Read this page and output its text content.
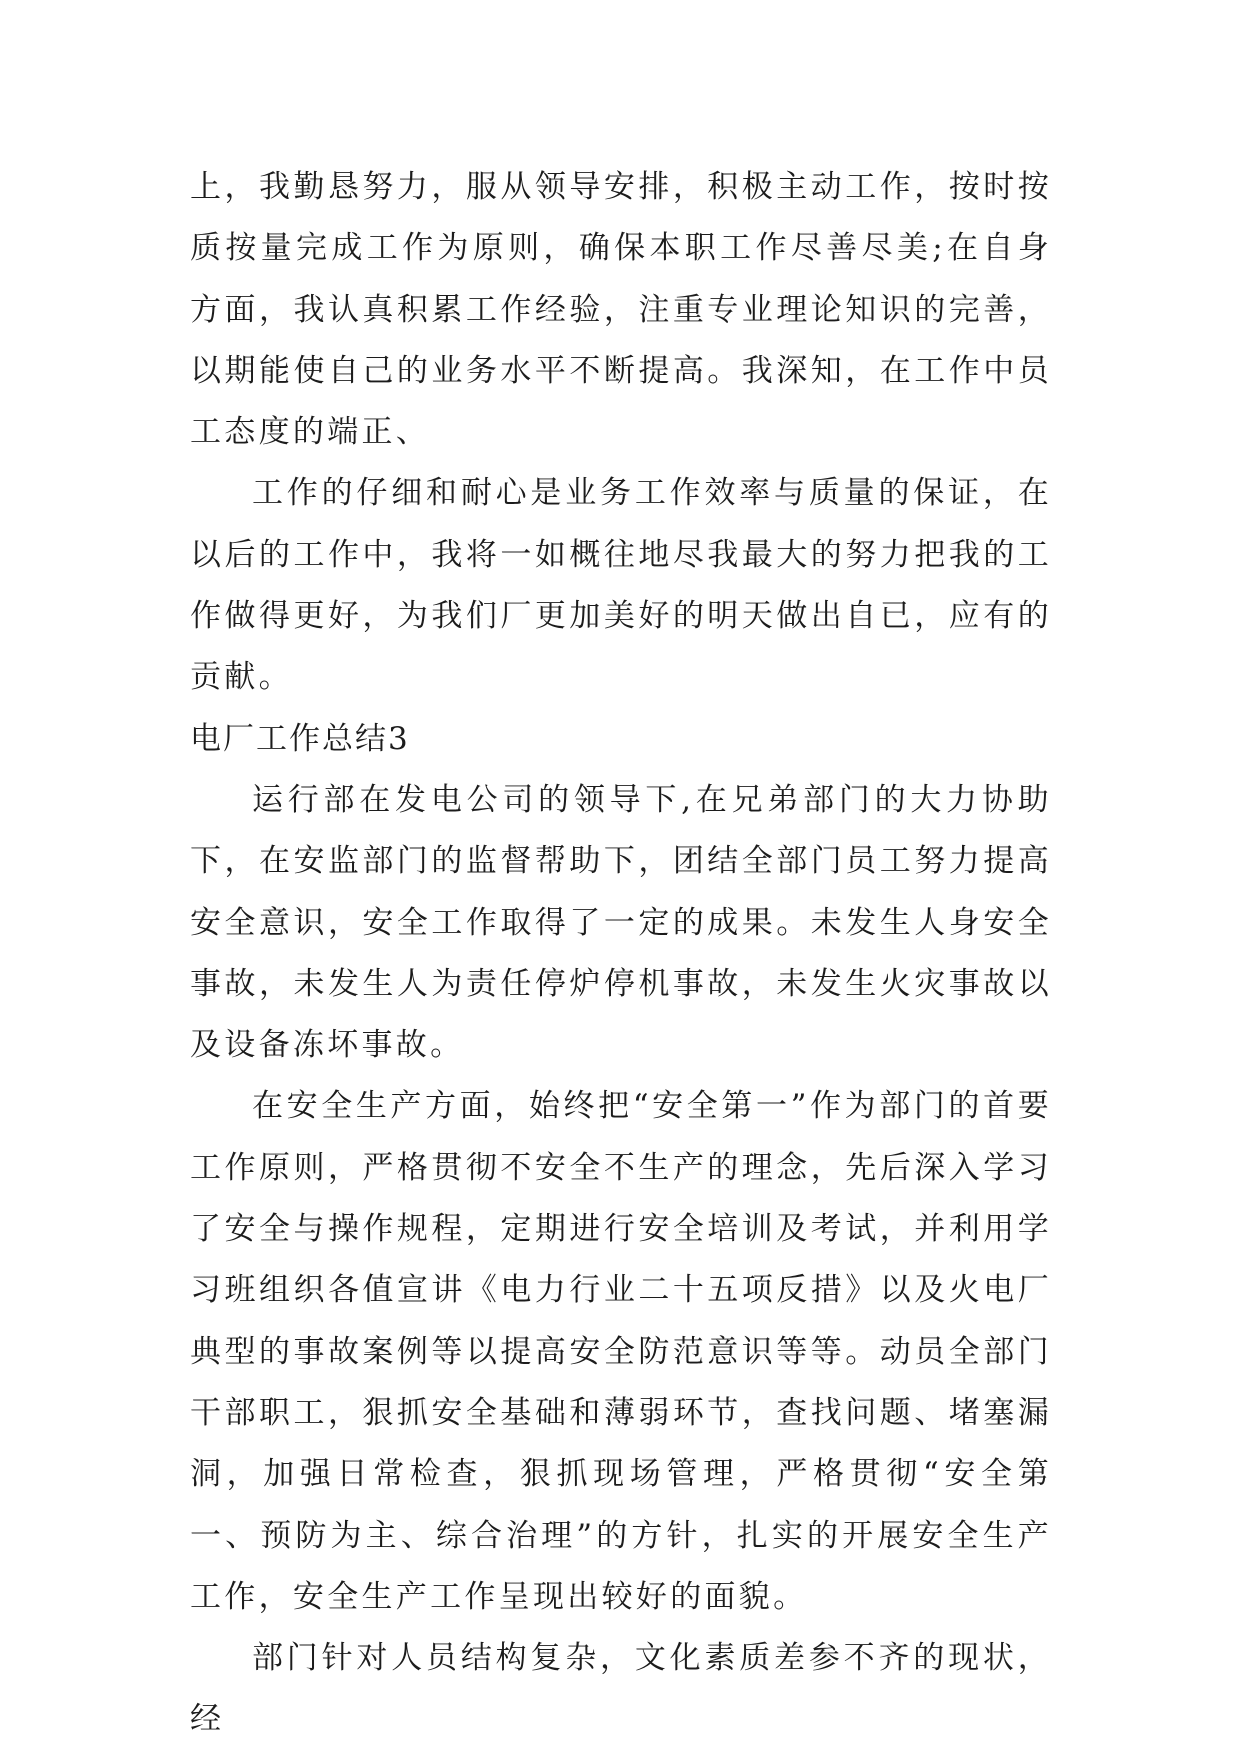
上，我勤恳努力，服从领导安排，积极主动工作，按时按质按量完成工作为原则，确保本职工作尽善尽美;在自身方面，我认真积累工作经验，注重专业理论知识的完善，以期能使自己的业务水平不断提高。我深知，在工作中员工态度的端正、

工作的仔细和耐心是业务工作效率与质量的保证，在以后的工作中，我将一如概往地尽我最大的努力把我的工作做得更好，为我们厂更加美好的明天做出自已，应有的贡献。

电厂工作总结3

运行部在发电公司的领导下,在兄弟部门的大力协助下，在安监部门的监督帮助下，团结全部门员工努力提高安全意识，安全工作取得了一定的成果。未发生人身安全事故，未发生人为责任停炉停机事故，未发生火灾事故以及设备冻坏事故。

在安全生产方面，始终把“安全第一”作为部门的首要工作原则，严格贯彻不安全不生产的理念，先后深入学习了安全与操作规程，定期进行安全培训及考试，并利用学习班组织各值宣讲《电力行业二十五项反措》以及火电厂典型的事故案例等以提高安全防范意识等等。动员全部门干部职工，狠抓安全基础和薄弱环节，查找问题、堵塞漏洞，加强日常检查，狠抓现场管理，严格贯彻“安全第一、预防为主、综合治理”的方针，扎实的开展安全生产工作，安全生产工作呈现出较好的面貌。

部门针对人员结构复杂，文化素质差参不齐的现状，经
